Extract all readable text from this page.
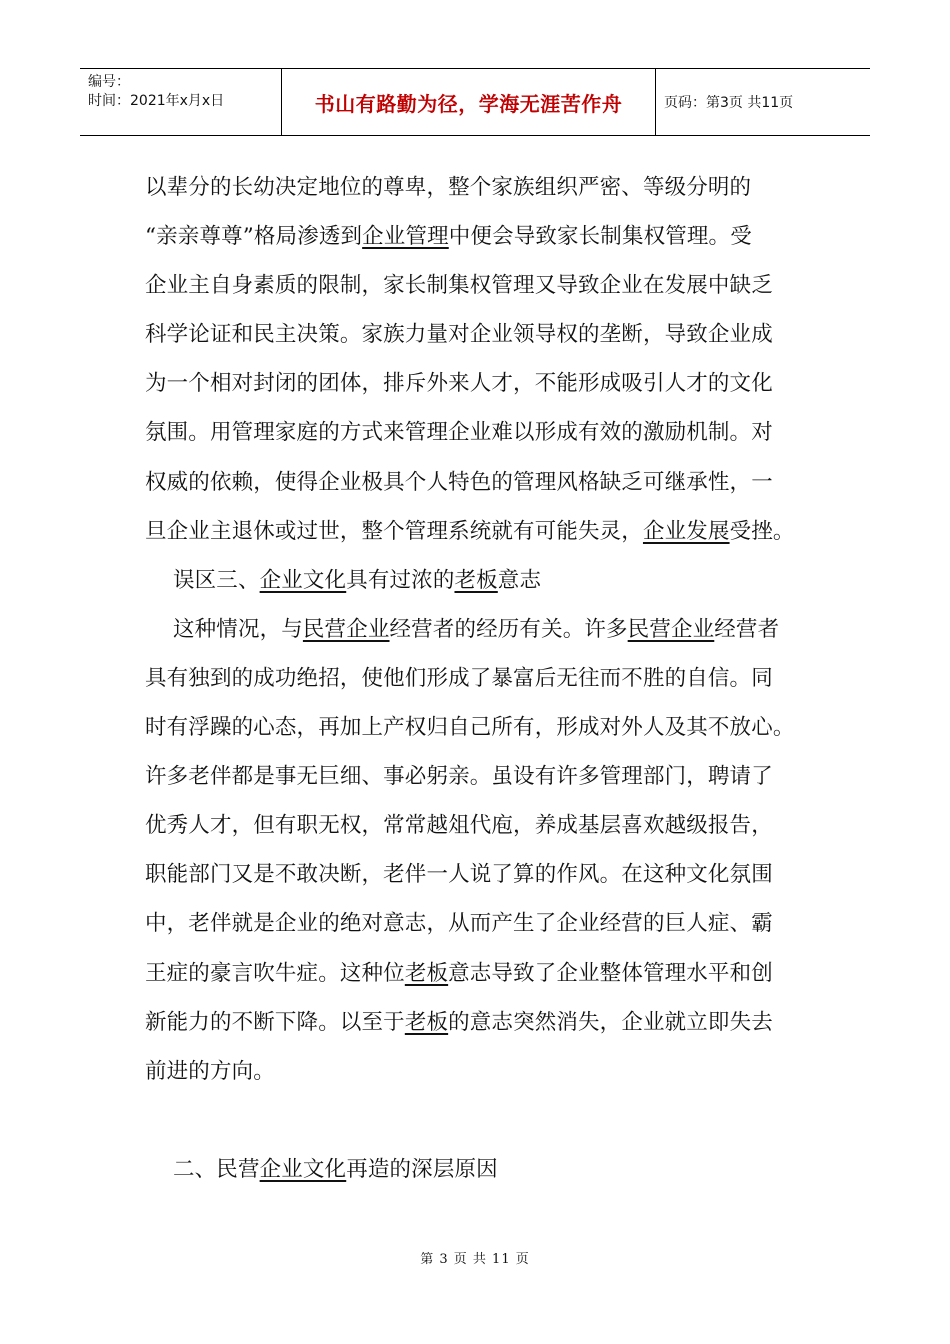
编号：
时间：2021年x月x日	书山有路勤为径，学海无涯苦作舟	页码：第3页 共11页
以辈分的长幼决定地位的尊卑，整个家族组织严密、等级分明的
“亲亲尊尊”格局渗透到企业管理中便会导致家长制集权管理。受
企业主自身素质的限制，家长制集权管理又导致企业在发展中缺乏
科学论证和民主决策。家族力量对企业领导权的垄断，导致企业成
为一个相对封闭的团体，排斥外来人才，不能形成吸引人才的文化
氛围。用管理家庭的方式来管理企业难以形成有效的激励机制。对
权威的依赖，使得企业极具个人特色的管理风格缺乏可继承性，一
旦企业主退休或过世，整个管理系统就有可能失灵，企业发展受挫。
误区三、企业文化具有过浓的老板意志
这种情况，与民营企业经营者的经历有关。许多民营企业经营者
具有独到的成功绝招，使他们形成了暴富后无往而不胜的自信。同
时有浮躁的心态，再加上产权归自己所有，形成对外人及其不放心。
许多老伴都是事无巨细、事必躬亲。虽设有许多管理部门，聘请了
优秀人才，但有职无权，常常越俎代庖，养成基层喜欢越级报告，
职能部门又是不敢决断，老伴一人说了算的作风。在这种文化氛围
中，老伴就是企业的绝对意志，从而产生了企业经营的巨人症、霸
王症的豪言吹牛症。这种位老板意志导致了企业整体管理水平和创
新能力的不断下降。以至于老板的意志突然消失，企业就立即失去
前进的方向。
二、民营企业文化再造的深层原因
第 3 页 共 11 页
